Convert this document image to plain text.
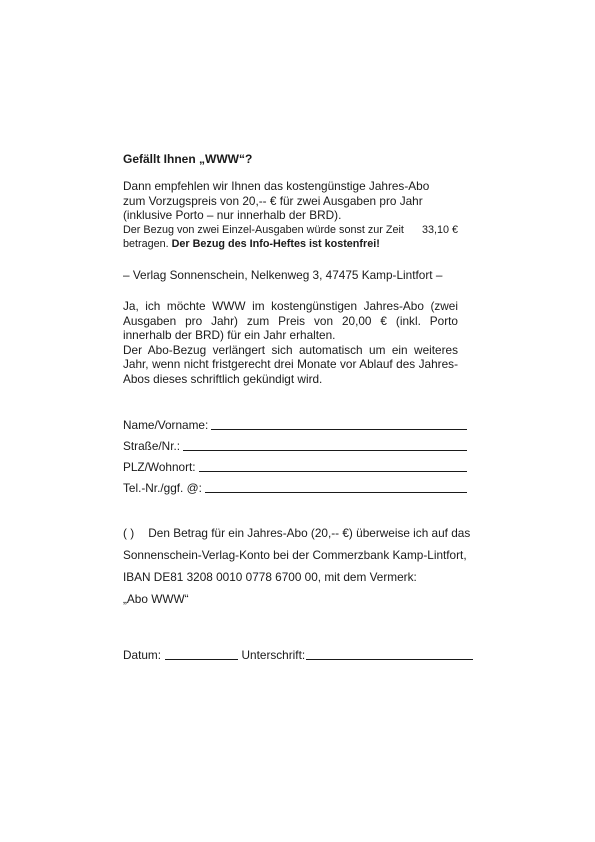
Gefällt Ihnen „WWW“?

Dann empfehlen wir Ihnen das kostengünstige Jahres-Abo
zum Vorzugspreis von 20,-- € für zwei Ausgaben pro Jahr
(inklusive Porto – nur innerhalb der BRD).

Der Bezug von zwei Einzel-Ausgaben würde sonst zur Zeit 33,10 €

betragen. Der Bezug des Info-Heftes ist kostenfrei!

– Verlag Sonnenschein, Nelkenweg 3, 47475 Kamp-Lintfort –

Ja, ich möchte WWW im kostengünstigen Jahres-Abo (zwei Ausgaben pro Jahr) zum Preis von 20,00 € (inkl. Porto innerhalb der BRD) für ein Jahr erhalten.

Der Abo-Bezug verlängert sich automatisch um ein weiteres Jahr, wenn nicht fristgerecht drei Monate vor Ablauf des Jahres-Abos dieses schriftlich gekündigt wird.

Name/Vorname:
Straße/Nr.:
PLZ/Wohnort:
Tel.-Nr./ggf. @:
( ) Den Betrag für ein Jahres-Abo (20,-- €) überweise ich auf das
Sonnenschein-Verlag-Konto bei der Commerzbank Kamp-Lintfort,
IBAN DE81 3208 0010 0778 6700 00, mit dem Vermerk:
„Abo WWW“
Datum:	Unterschrift:
